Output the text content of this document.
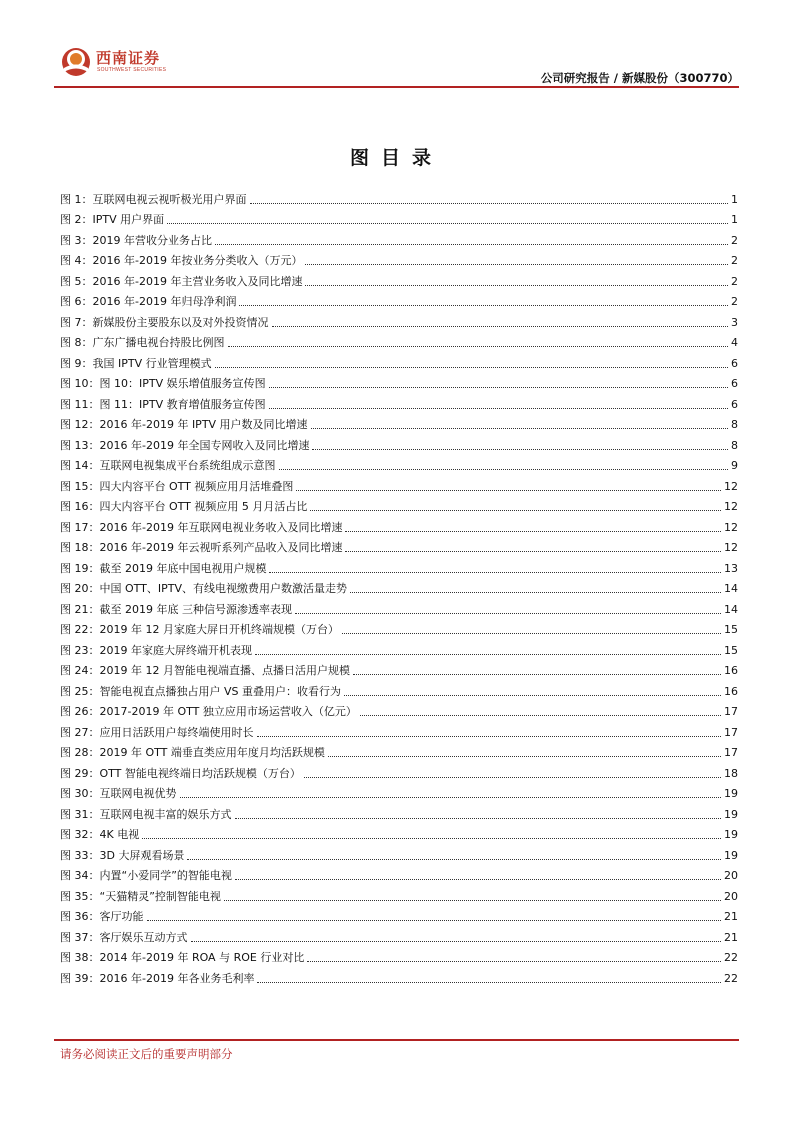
西南证券
SOUTHWEST SECURITIES
公司研究报告 / 新媒股份（300770）
图目录
图 1：互联网电视云视听极光用户界面	1
图 2：IPTV 用户界面	1
图 3：2019 年营收分业务占比	2
图 4：2016 年-2019 年按业务分类收入（万元）	2
图 5：2016 年-2019 年主营业务收入及同比增速	2
图 6：2016 年-2019 年归母净利润	2
图 7：新媒股份主要股东以及对外投资情况	3
图 8：广东广播电视台持股比例图	4
图 9：我国 IPTV 行业管理模式	6
图 10：图 10：IPTV 娱乐增值服务宣传图	6
图 11：图 11：IPTV 教育增值服务宣传图	6
图 12：2016 年-2019 年 IPTV 用户数及同比增速	8
图 13：2016 年-2019 年全国专网收入及同比增速	8
图 14：互联网电视集成平台系统组成示意图	9
图 15：四大内容平台 OTT 视频应用月活堆叠图	12
图 16：四大内容平台 OTT 视频应用 5 月月活占比	12
图 17：2016 年-2019 年互联网电视业务收入及同比增速	12
图 18：2016 年-2019 年云视听系列产品收入及同比增速	12
图 19：截至 2019 年底中国电视用户规模	13
图 20：中国 OTT、IPTV、有线电视缴费用户数激活量走势	14
图 21：截至 2019 年底 三种信号源渗透率表现	14
图 22：2019 年 12 月家庭大屏日开机终端规模（万台）	15
图 23：2019 年家庭大屏终端开机表现	15
图 24：2019 年 12 月智能电视端直播、点播日活用户规模	16
图 25：智能电视直点播独占用户 VS 重叠用户：收看行为	16
图 26：2017-2019 年 OTT 独立应用市场运营收入（亿元）	17
图 27：应用日活跃用户每终端使用时长	17
图 28：2019 年 OTT 端垂直类应用年度月均活跃规模	17
图 29：OTT 智能电视终端日均活跃规模（万台）	18
图 30：互联网电视优势	19
图 31：互联网电视丰富的娱乐方式	19
图 32：4K 电视	19
图 33：3D 大屏观看场景	19
图 34：内置“小爱同学”的智能电视	20
图 35：“天猫精灵”控制智能电视	20
图 36：客厅功能	21
图 37：客厅娱乐互动方式	21
图 38：2014 年-2019 年 ROA 与 ROE 行业对比	22
图 39：2016 年-2019 年各业务毛利率	22
请务必阅读正文后的重要声明部分
